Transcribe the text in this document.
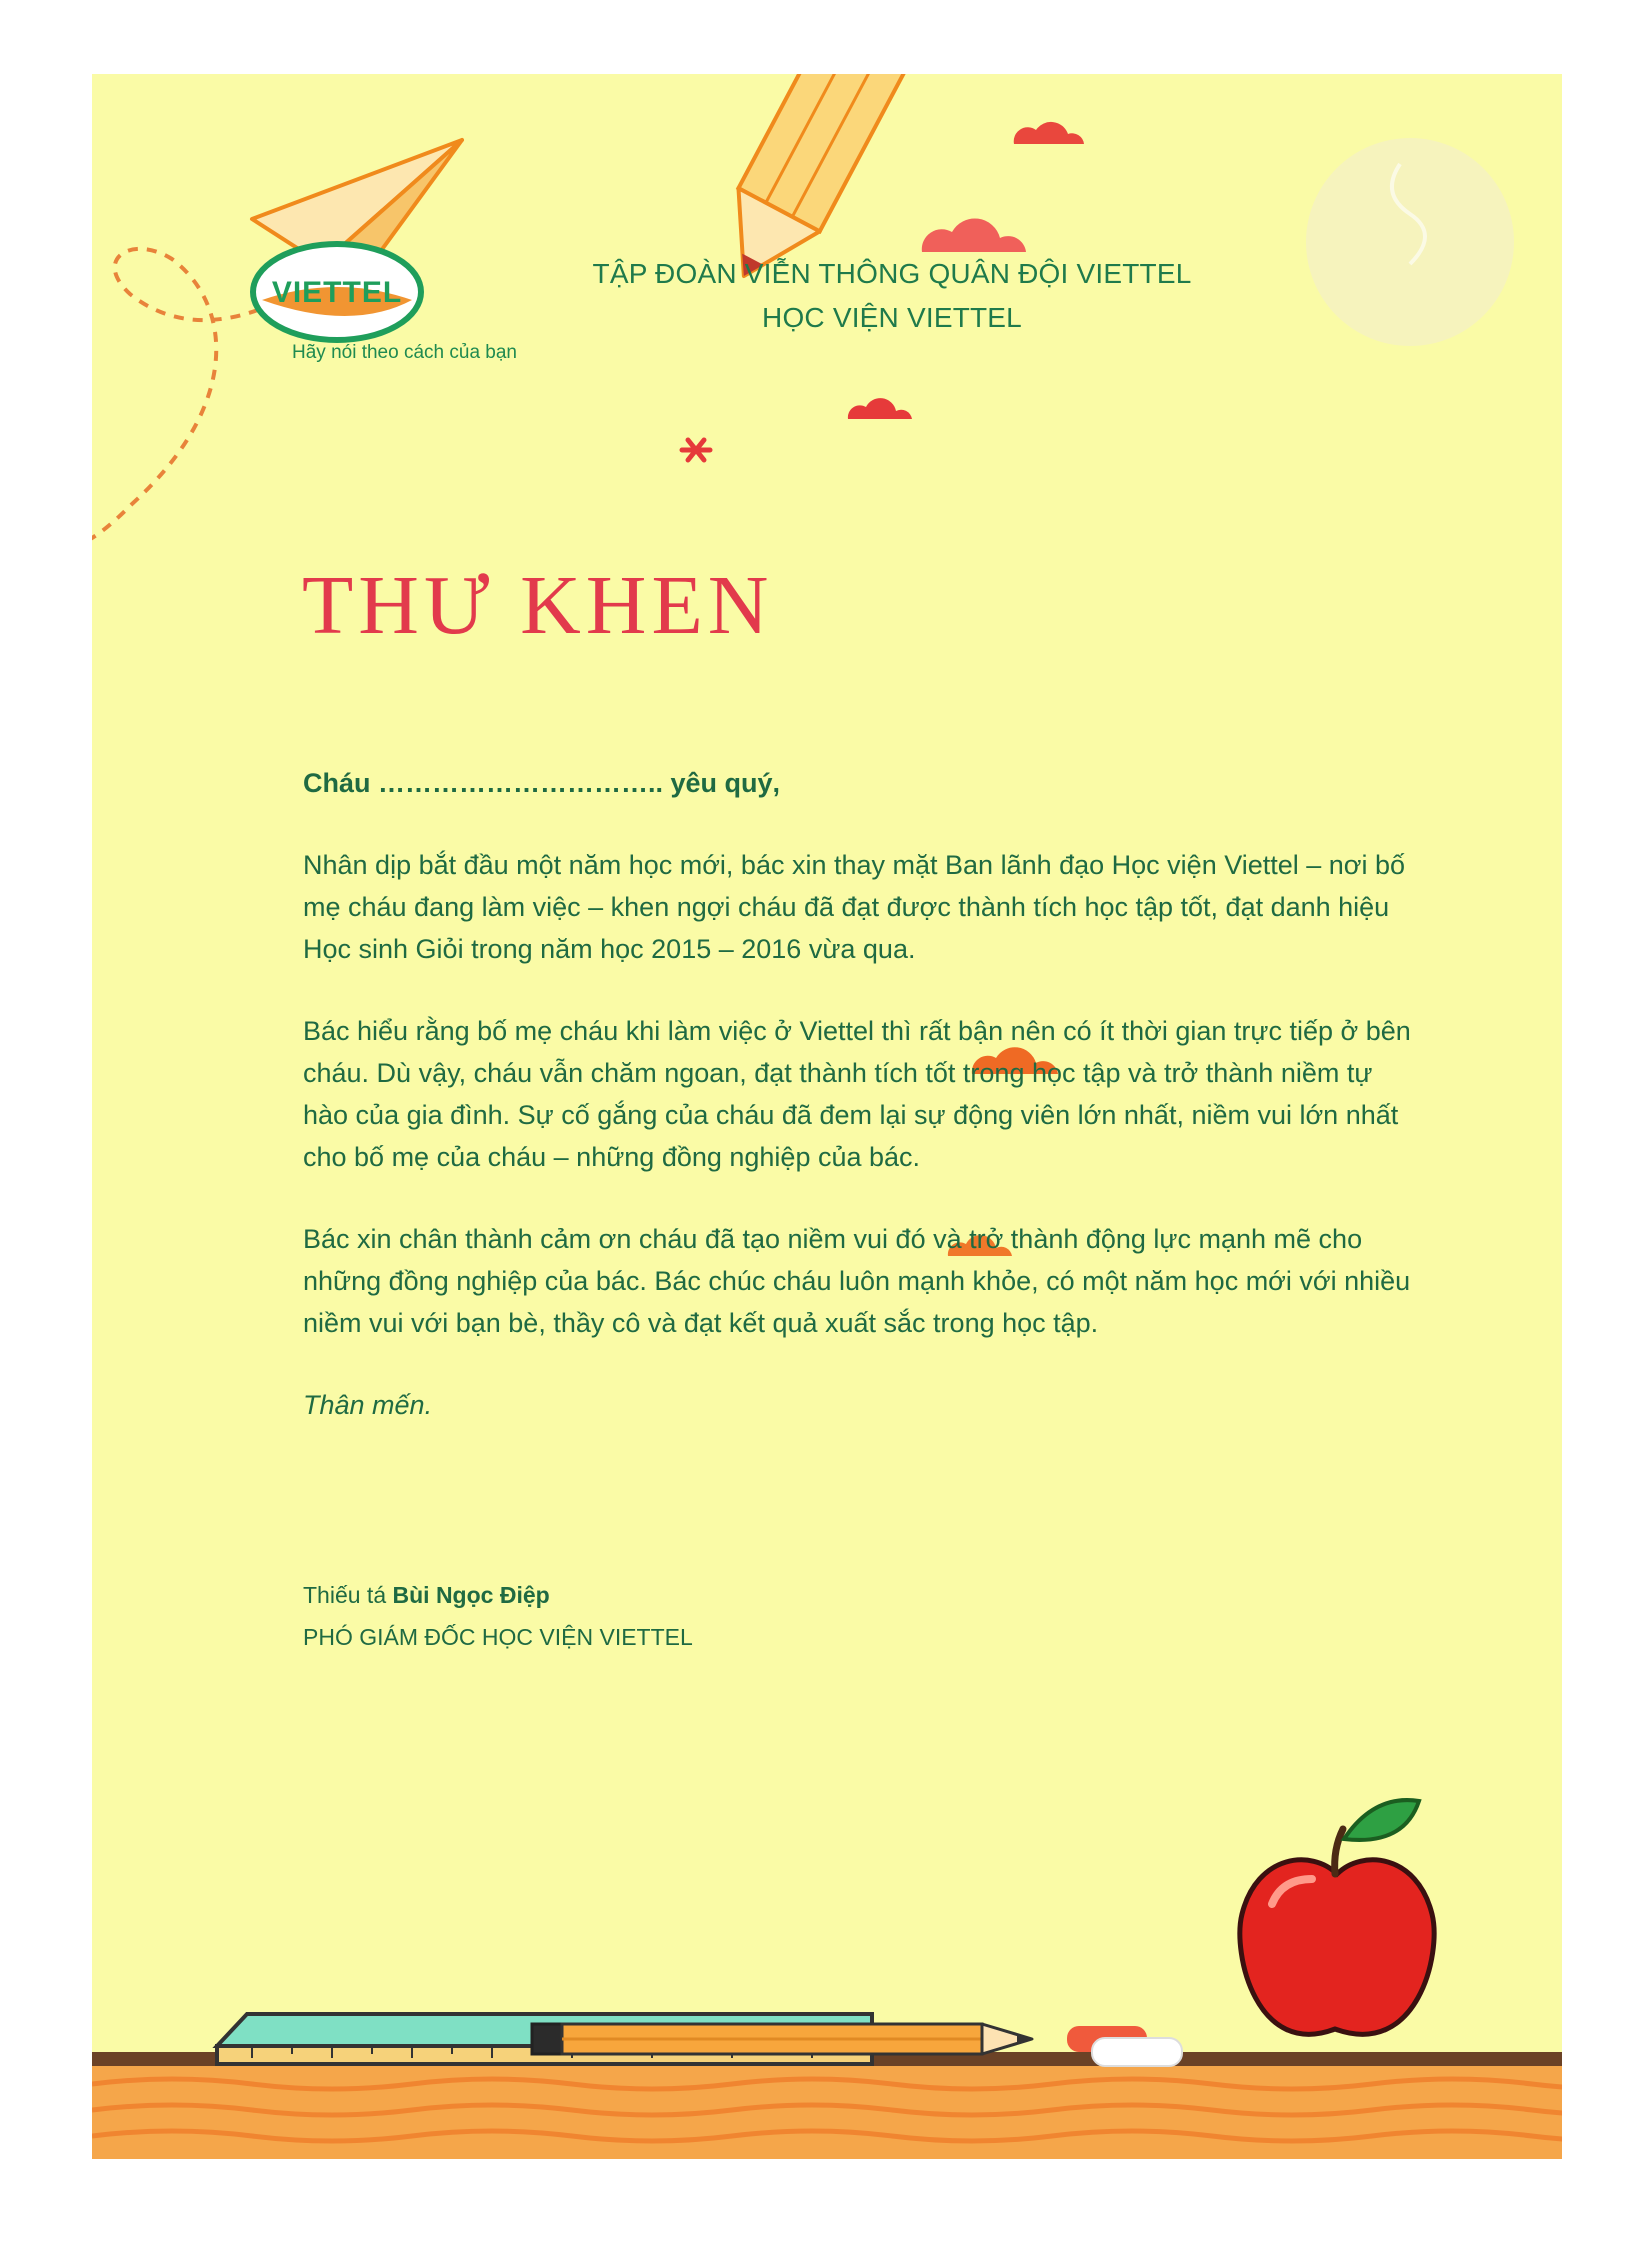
VIETTEL
Hãy nói theo cách của bạn
TẬP ĐOÀN VIỄN THÔNG QUÂN ĐỘI VIETTEL
HỌC VIỆN VIETTEL
THƯ KHEN

Cháu ………………………….. yêu quý,

Nhân dịp bắt đầu một năm học mới, bác xin thay mặt Ban lãnh đạo Học viện Viettel – nơi bố mẹ cháu đang làm việc – khen ngợi cháu đã đạt được thành tích học tập tốt, đạt danh hiệu Học sinh Giỏi trong năm học 2015 – 2016 vừa qua.

Bác hiểu rằng bố mẹ cháu khi làm việc ở Viettel thì rất bận nên có ít thời gian trực tiếp ở bên cháu. Dù vậy, cháu vẫn chăm ngoan, đạt thành tích tốt trong học tập và trở thành niềm tự hào của gia đình. Sự cố gắng của cháu đã đem lại sự động viên lớn nhất, niềm vui lớn nhất cho bố mẹ của cháu – những đồng nghiệp của bác.

Bác xin chân thành cảm ơn cháu đã tạo niềm vui đó và trở thành động lực mạnh mẽ cho những đồng nghiệp của bác. Bác chúc cháu luôn mạnh khỏe, có một năm học mới với nhiều niềm vui với bạn bè, thầy cô và đạt kết quả xuất sắc trong học tập.

Thân mến.

Thiếu tá Bùi Ngọc Điệp
PHÓ GIÁM ĐỐC HỌC VIỆN VIETTEL
